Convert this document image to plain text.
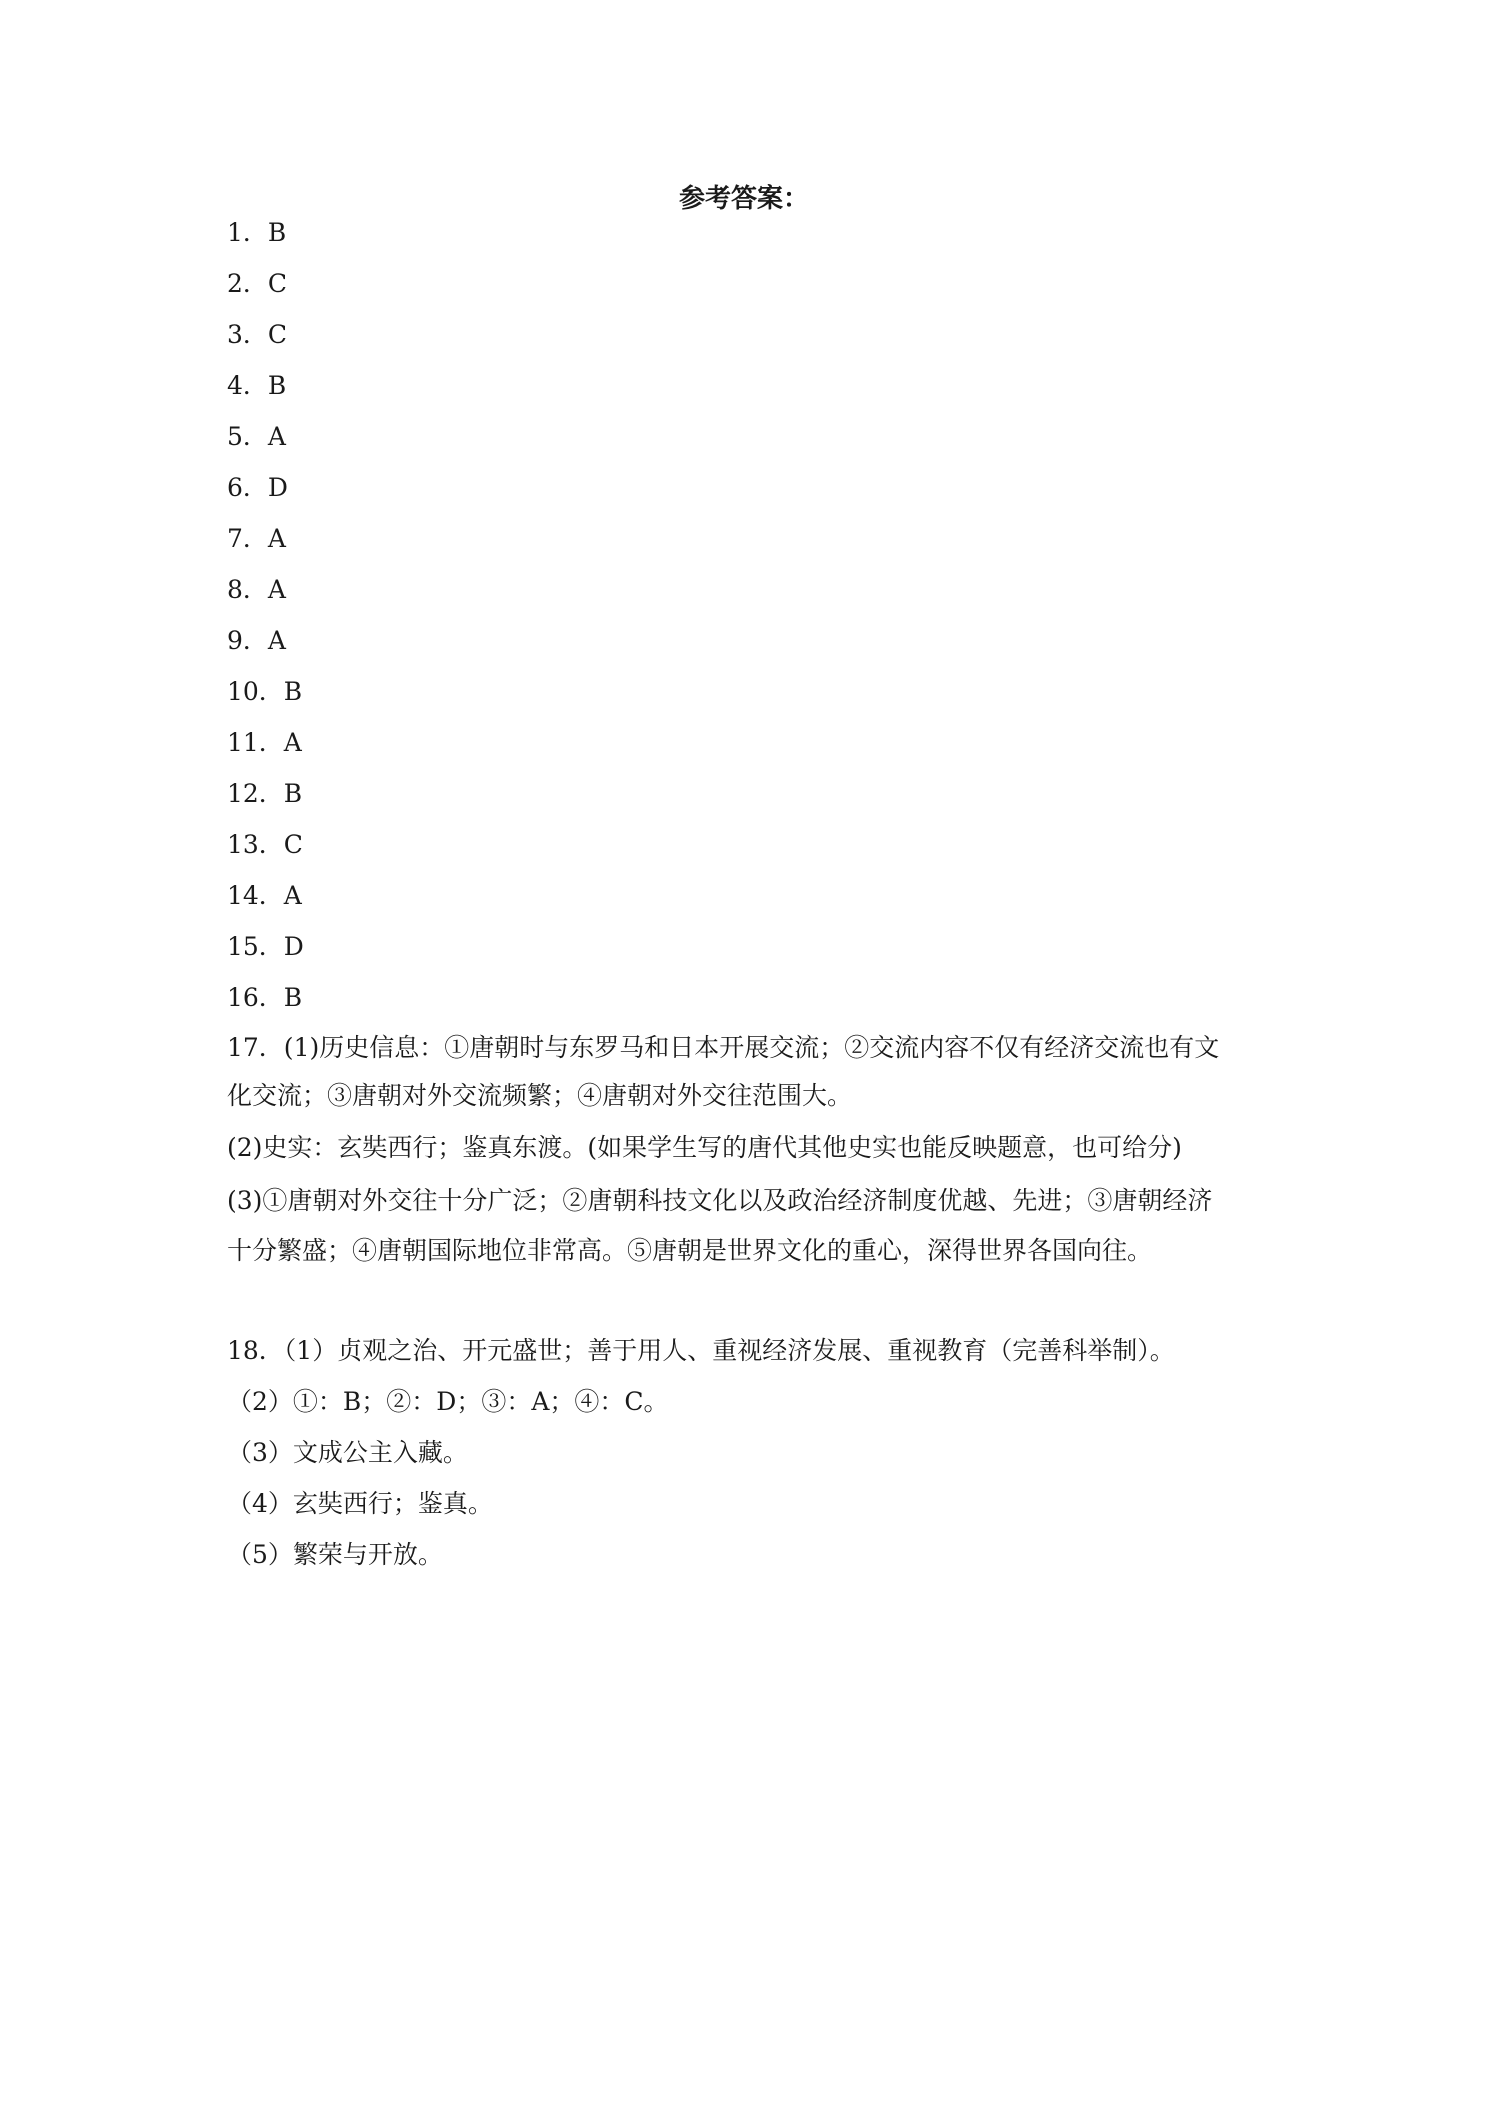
参考答案：
1．B
2．C
3．C
4．B
5．A
6．D
7．A
8．A
9．A
10．B
11．A
12．B
13．C
14．A
15．D
16．B
17．(1)历史信息：①唐朝时与东罗马和日本开展交流；②交流内容不仅有经济交流也有文
化交流；③唐朝对外交流频繁；④唐朝对外交往范围大。
(2)史实：玄奘西行；鉴真东渡。(如果学生写的唐代其他史实也能反映题意，也可给分)
(3)①唐朝对外交往十分广泛；②唐朝科技文化以及政治经济制度优越、先进；③唐朝经济
十分繁盛；④唐朝国际地位非常高。⑤唐朝是世界文化的重心，深得世界各国向往。
18．（1）贞观之治、开元盛世；善于用人、重视经济发展、重视教育（完善科举制）。
（2）①：B；②：D；③：A；④：C。
（3）文成公主入藏。
（4）玄奘西行；鉴真。
（5）繁荣与开放。
